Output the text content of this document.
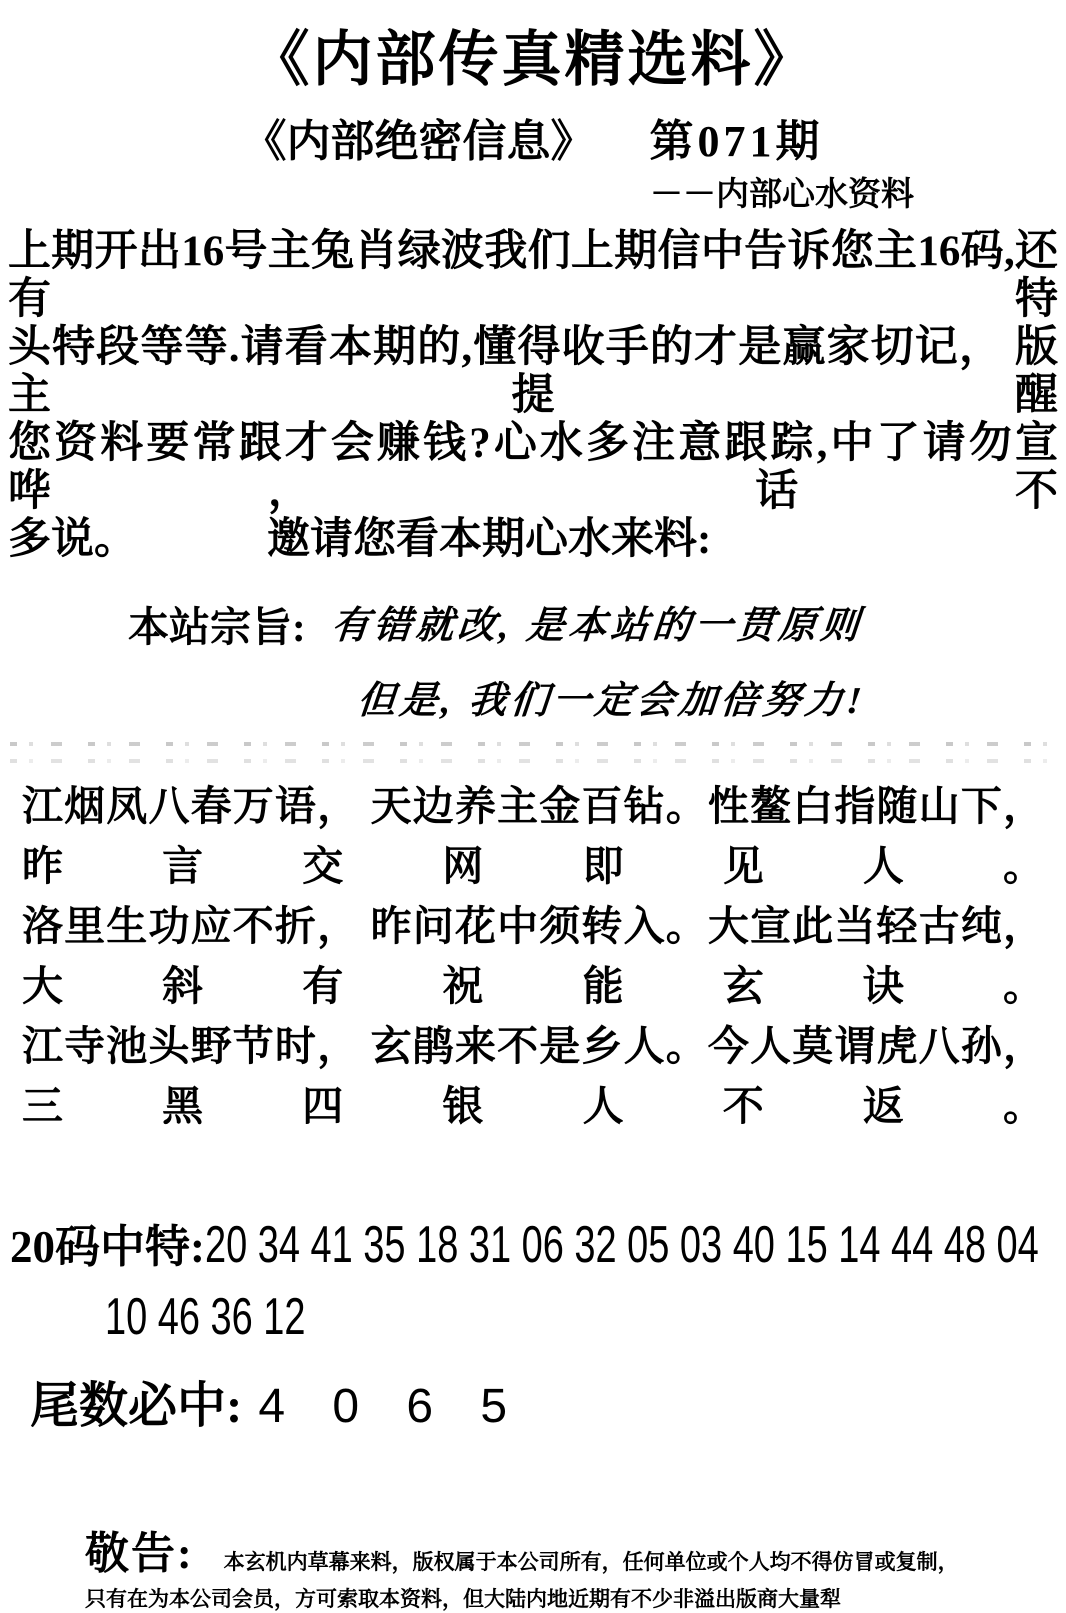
《内部传真精选料》
《内部绝密信息》 第071期
－－内部心水资料
上期开出16号主兔肖绿波我们上期信中告诉您主16码,还有特
头特段等等.请看本期的,懂得收手的才是赢家切记， 版主提醒
您资料要常跟才会赚钱?心水多注意跟踪,中了请勿宣哗， 话不
多说。	邀请您看本期心水来料:
本站宗旨: 有错就改, 是本站的一贯原则
但是, 我们一定会加倍努力!
江烟凤八春万语， 天边养主金百钻。性鳌白指随山下， 昨言交网即见人。
洛里生功应不折， 昨问花中须转入。大宣此当轻古纯， 大斜有祝能玄诀。
江寺池头野节时， 玄鹃来不是乡人。今人莫谓虎八孙， 三黑四银人不返。
20码中特: 20 34 41 35 18 31 06 32 05 03 40 15 14 44 48 04
10 46 36 12
尾数必中: 4 0 6 5
敬告: 本玄机内草幕来料，版权属于本公司所有，任何单位或个人均不得仿冒或复制，
只有在为本公司会员，方可索取本资料，但大陆内地近期有不少非溢出版商大量犁
